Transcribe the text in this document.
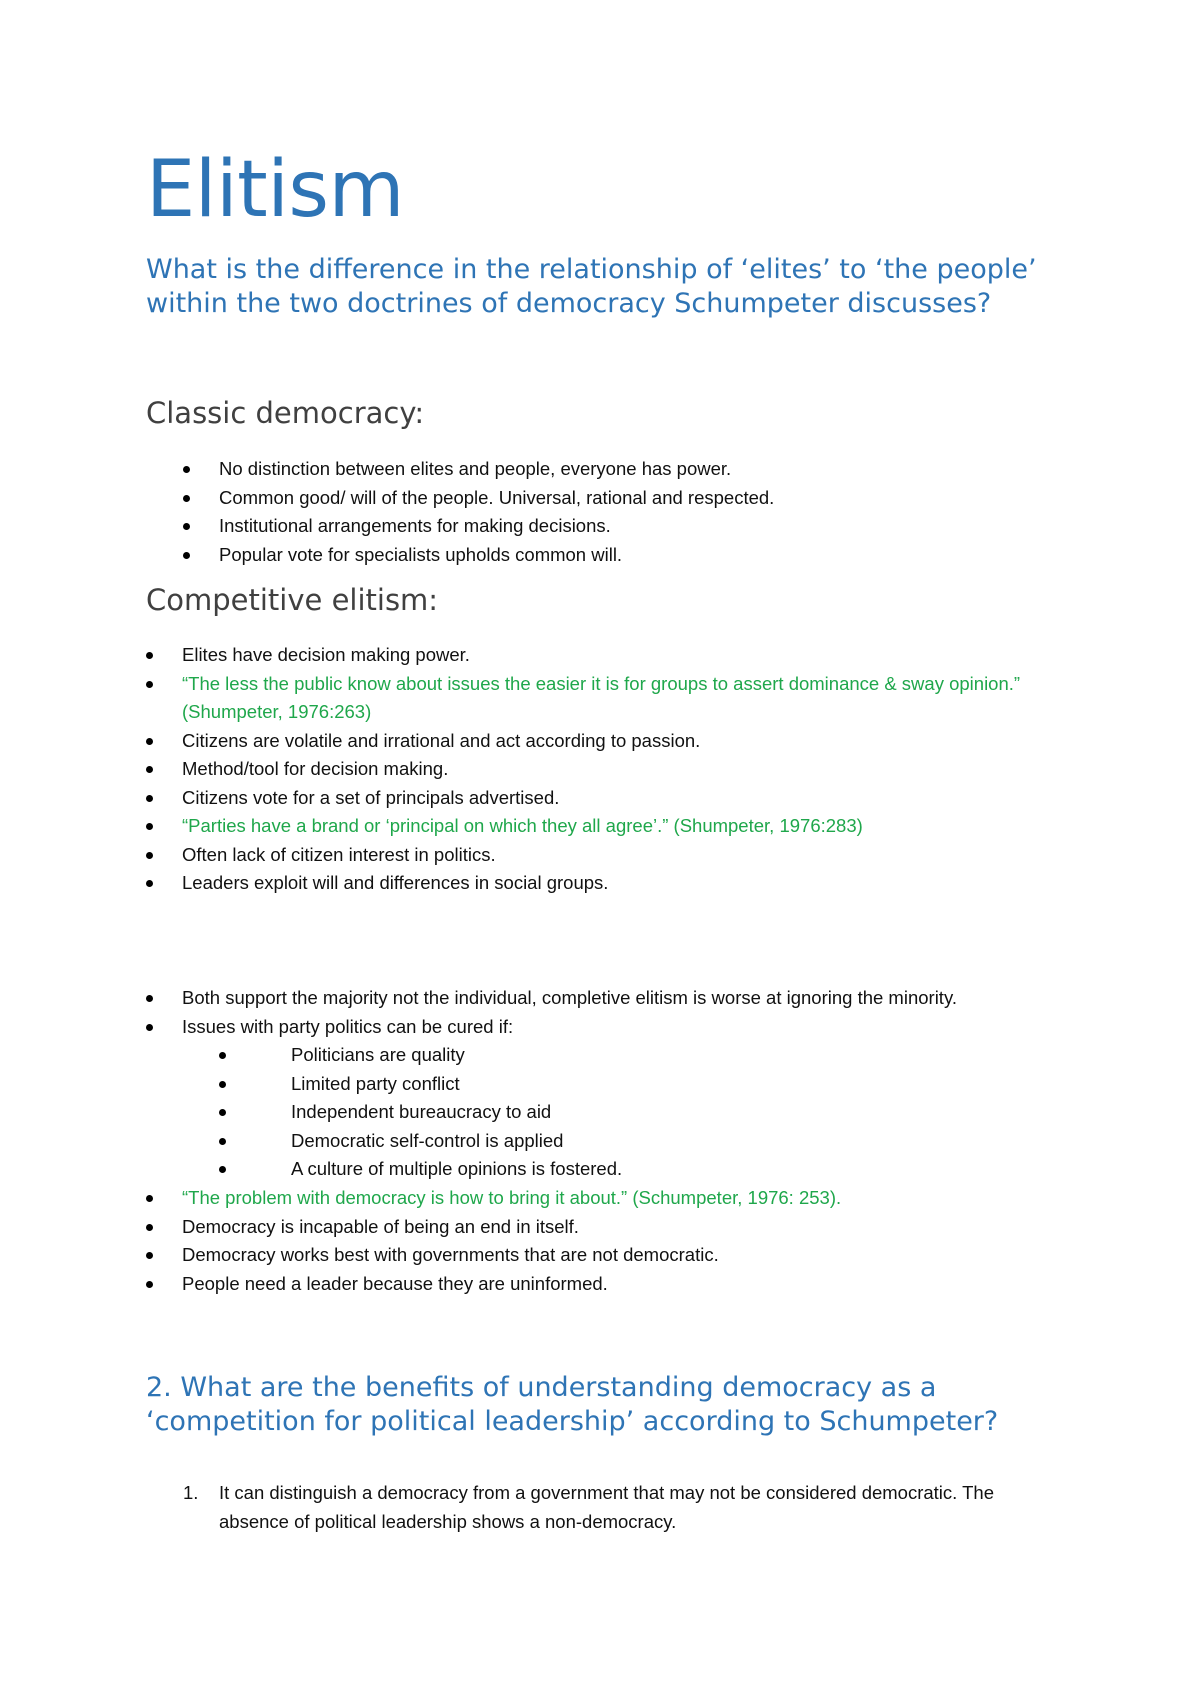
Elitism
What is the difference in the relationship of ‘elites’ to ‘the people’ within the two doctrines of democracy Schumpeter discusses?
Classic democracy:
No distinction between elites and people, everyone has power.
Common good/ will of the people. Universal, rational and respected.
Institutional arrangements for making decisions.
Popular vote for specialists upholds common will.
Competitive elitism:
Elites have decision making power.
“The less the public know about issues the easier it is for groups to assert dominance & sway opinion.” (Shumpeter, 1976:263)
Citizens are volatile and irrational and act according to passion.
Method/tool for decision making.
Citizens vote for a set of principals advertised.
“Parties have a brand or ‘principal on which they all agree’.” (Shumpeter, 1976:283)
Often lack of citizen interest in politics.
Leaders exploit will and differences in social groups.
Both support the majority not the individual, completive elitism is worse at ignoring the minority.
Issues with party politics can be cured if:
Politicians are quality
Limited party conflict
Independent bureaucracy to aid
Democratic self-control is applied
A culture of multiple opinions is fostered.
“The problem with democracy is how to bring it about.” (Schumpeter, 1976: 253).
Democracy is incapable of being an end in itself.
Democracy works best with governments that are not democratic.
People need a leader because they are uninformed.
2. What are the benefits of understanding democracy as a ‘competition for political leadership’ according to Schumpeter?
1. It can distinguish a democracy from a government that may not be considered democratic. The absence of political leadership shows a non-democracy.
